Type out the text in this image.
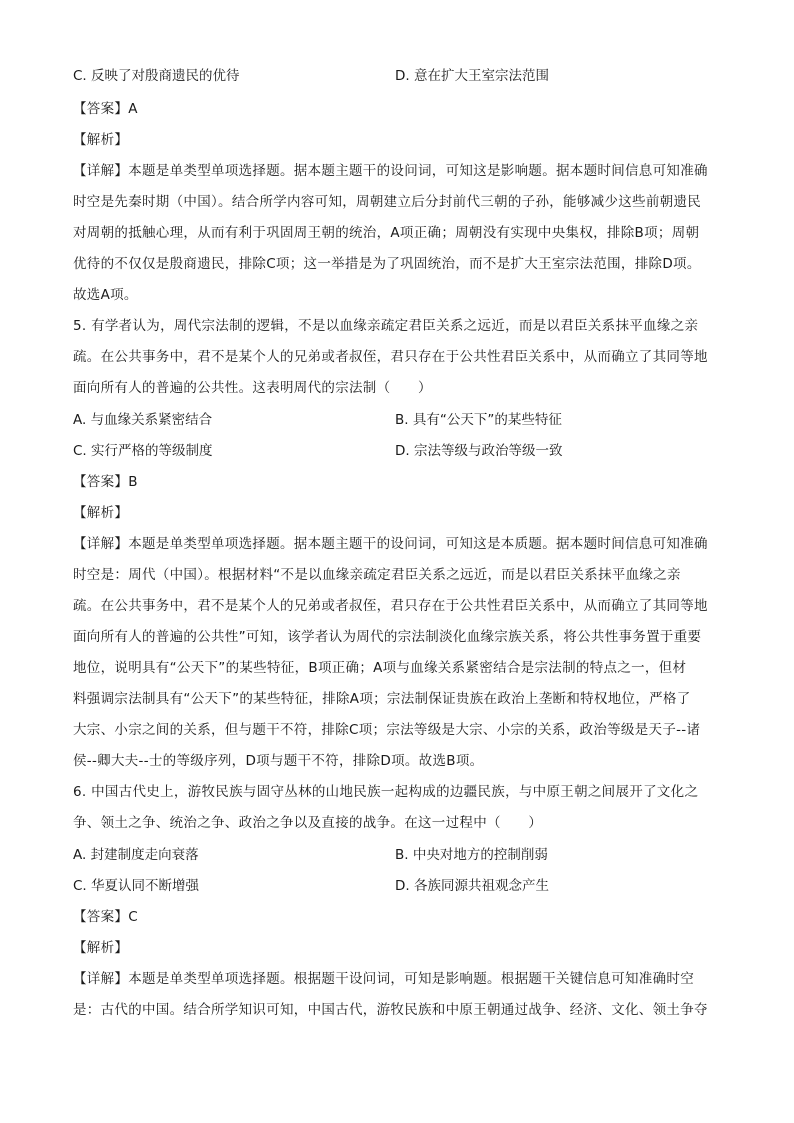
C. 反映了对殷商遗民的优待	D. 意在扩大王室宗法范围
【答案】A
【解析】
【详解】本题是单类型单项选择题。据本题主题干的设问词，可知这是影响题。据本题时间信息可知准确
时空是先秦时期（中国）。结合所学内容可知，周朝建立后分封前代三朝的子孙，能够减少这些前朝遗民
对周朝的抵触心理，从而有利于巩固周王朝的统治，A项正确；周朝没有实现中央集权，排除B项；周朝
优待的不仅仅是殷商遗民，排除C项；这一举措是为了巩固统治，而不是扩大王室宗法范围，排除D项。
故选A项。
5. 有学者认为，周代宗法制的逻辑，不是以血缘亲疏定君臣关系之远近，而是以君臣关系抹平血缘之亲
疏。在公共事务中，君不是某个人的兄弟或者叔侄，君只存在于公共性君臣关系中，从而确立了其同等地
面向所有人的普遍的公共性。这表明周代的宗法制（　　）
A. 与血缘关系紧密结合	B. 具有“公天下”的某些特征
C. 实行严格的等级制度	D. 宗法等级与政治等级一致
【答案】B
【解析】
【详解】本题是单类型单项选择题。据本题主题干的设问词，可知这是本质题。据本题时间信息可知准确
时空是：周代（中国）。根据材料“不是以血缘亲疏定君臣关系之远近，而是以君臣关系抹平血缘之亲
疏。在公共事务中，君不是某个人的兄弟或者叔侄，君只存在于公共性君臣关系中，从而确立了其同等地
面向所有人的普遍的公共性”可知，该学者认为周代的宗法制淡化血缘宗族关系，将公共性事务置于重要
地位，说明具有“公天下”的某些特征，B项正确；A项与血缘关系紧密结合是宗法制的特点之一，但材
料强调宗法制具有“公天下”的某些特征，排除A项；宗法制保证贵族在政治上垄断和特权地位，严格了
大宗、小宗之间的关系，但与题干不符，排除C项；宗法等级是大宗、小宗的关系，政治等级是天子--诸
侯--卿大夫--士的等级序列，D项与题干不符，排除D项。故选B项。
6. 中国古代史上，游牧民族与固守丛林的山地民族一起构成的边疆民族，与中原王朝之间展开了文化之
争、领土之争、统治之争、政治之争以及直接的战争。在这一过程中（　　）
A. 封建制度走向衰落	B. 中央对地方的控制削弱
C. 华夏认同不断增强	D. 各族同源共祖观念产生
【答案】C
【解析】
【详解】本题是单类型单项选择题。根据题干设问词，可知是影响题。根据题干关键信息可知准确时空
是：古代的中国。结合所学知识可知，中国古代，游牧民族和中原王朝通过战争、经济、文化、领土争夺
